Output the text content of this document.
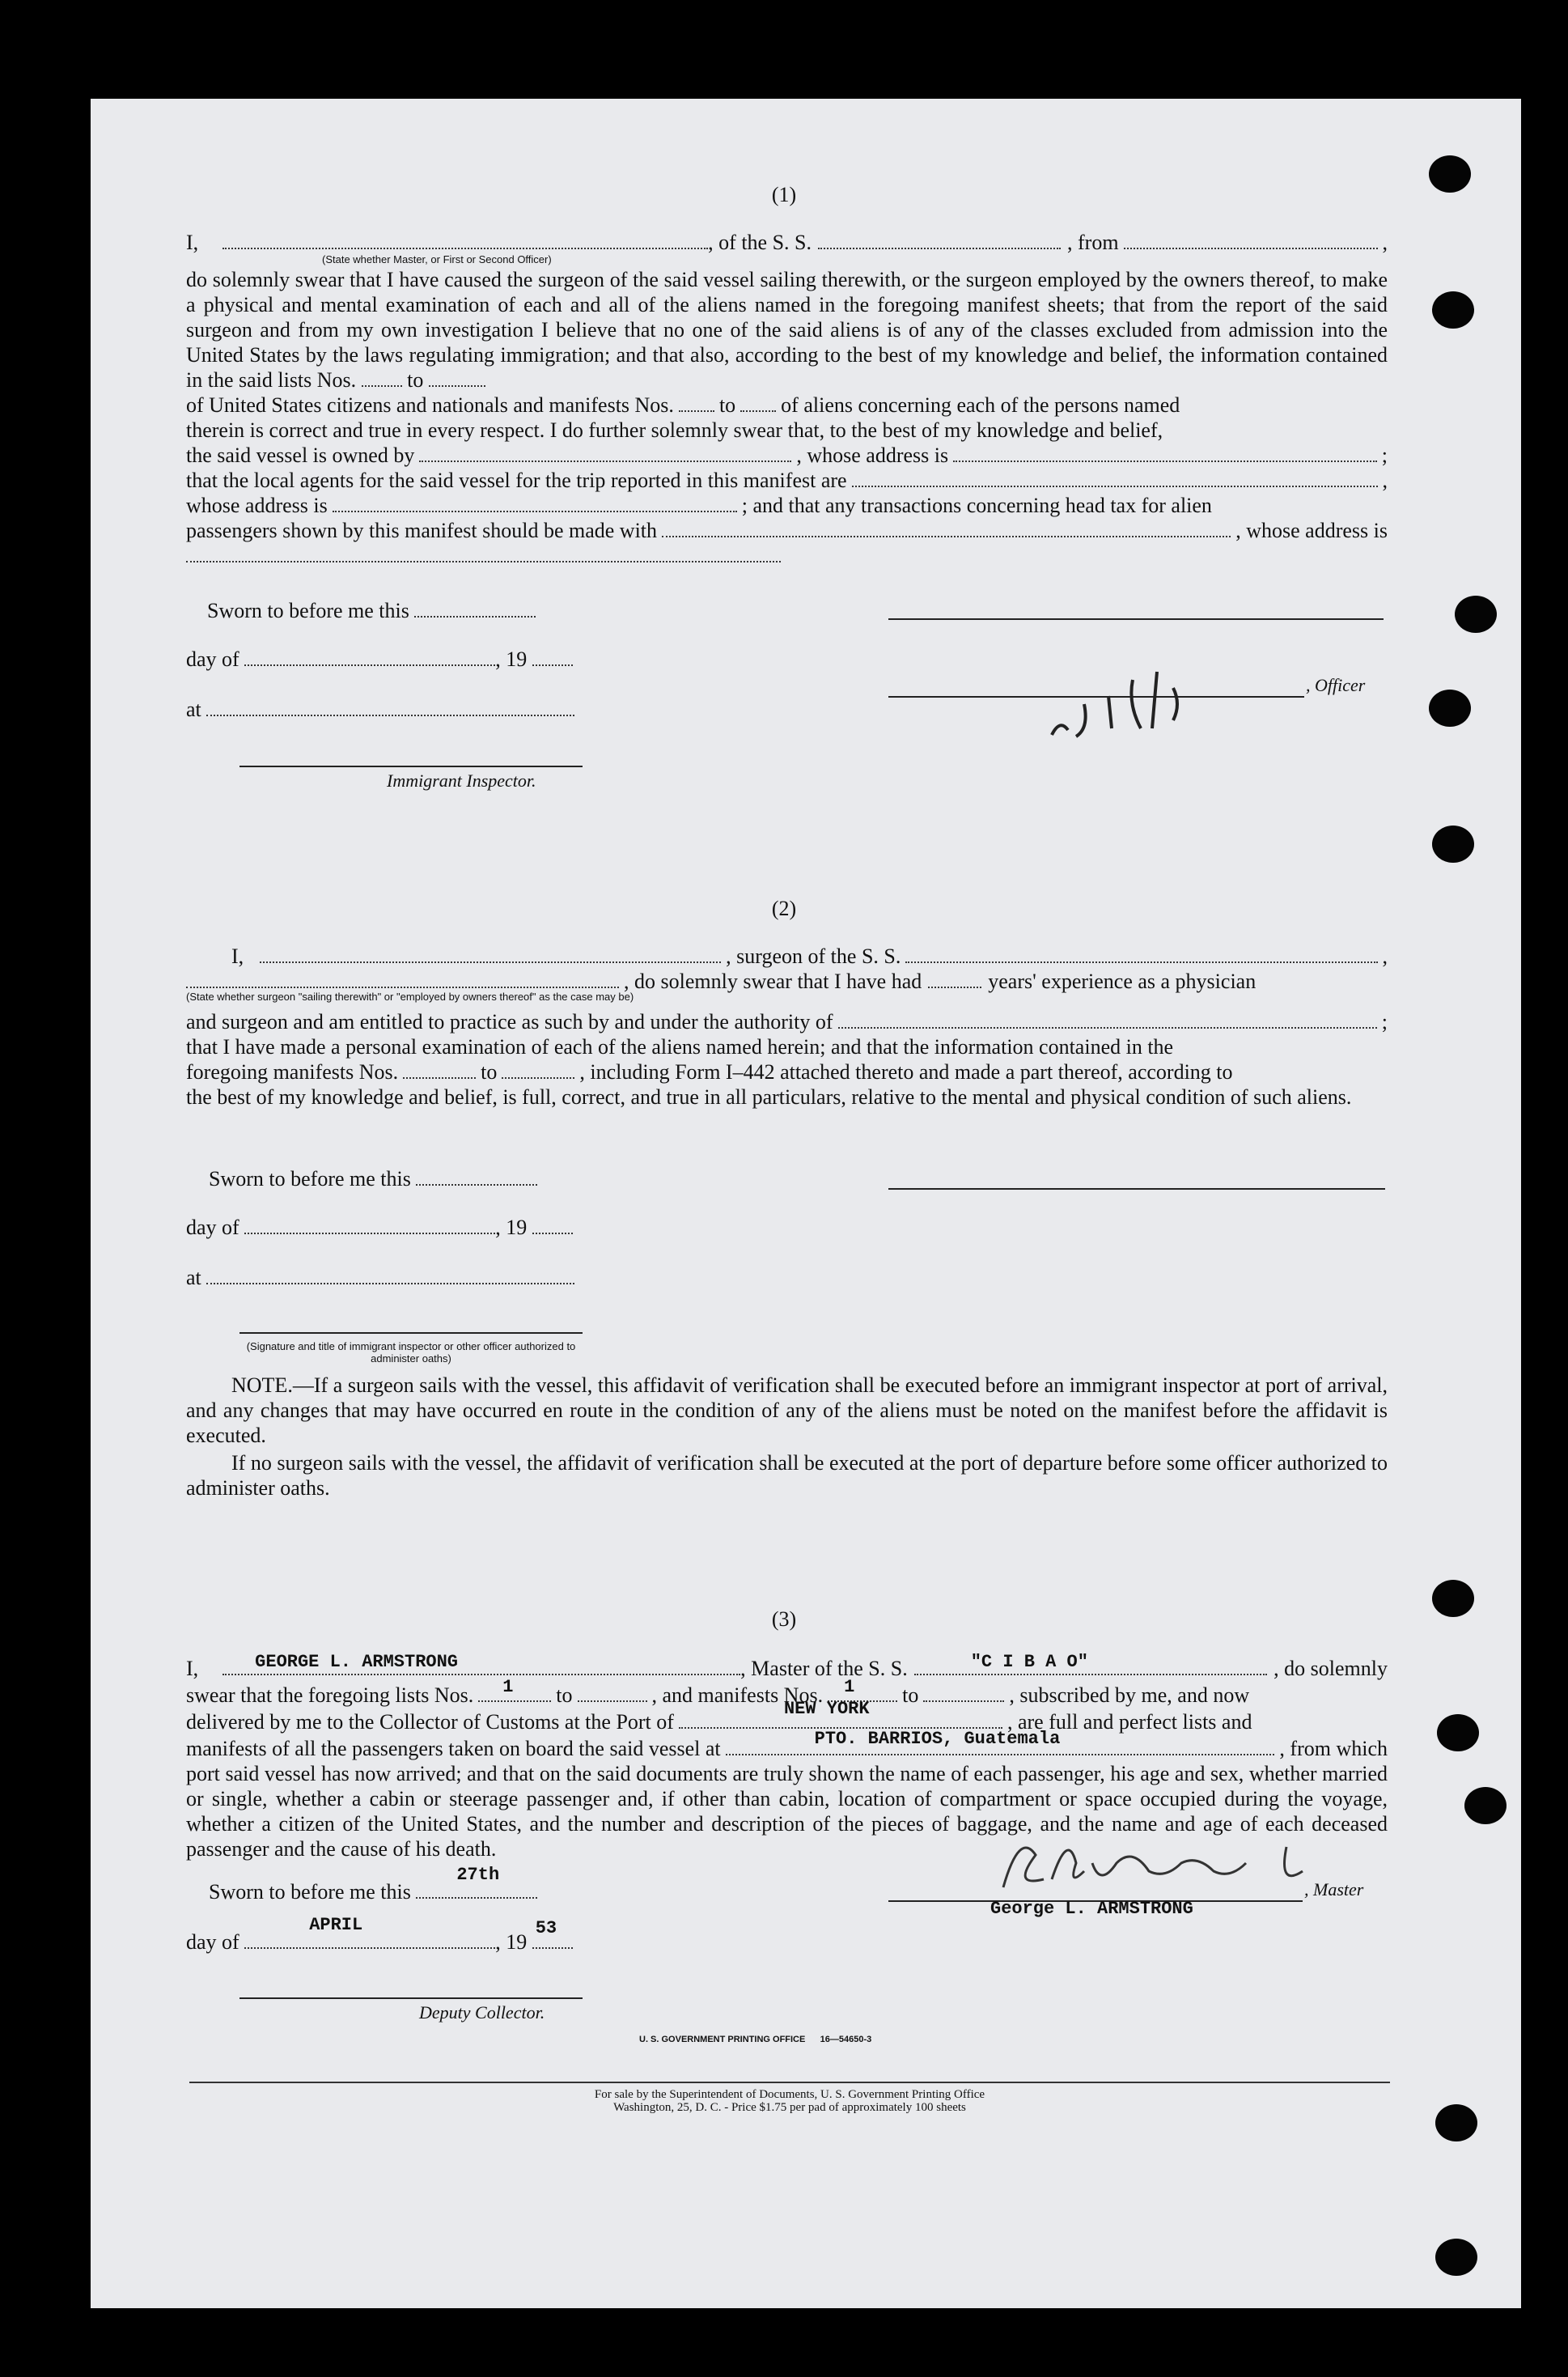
(1)
I,	, of the S. S.	, from	,
(State whether Master, or First or Second Officer)
do solemnly swear that I have caused the surgeon of the said vessel sailing therewith, or the surgeon employed by the owners thereof, to make a physical and mental examination of each and all of the aliens named in the foregoing manifest sheets; that from the report of the said surgeon and from my own investigation I believe that no one of the said aliens is of any of the classes excluded from admission into the United States by the laws regulating immigration; and that also, according to the best of my knowledge and belief, the information contained in the said lists Nos. to
of United States citizens and nationals and manifests Nos. to of aliens concerning each of the persons named
therein is correct and true in every respect. I do further solemnly swear that, to the best of my knowledge and belief,
the said vessel is owned by	, whose address is	;
that the local agents for the said vessel for the trip reported in this manifest are	,
whose address is	; and that any transactions concerning head tax for alien
passengers shown by this manifest should be made with	, whose address is
Sworn to before me this
day of	, 19
at
Immigrant Inspector.
, Officer
(2)
I,	, surgeon of the S. S.	,
, do solemnly swear that I have had	years' experience as a physician
(State whether surgeon "sailing therewith" or "employed by owners thereof" as the case may be)
and surgeon and am entitled to practice as such by and under the authority of	;
that I have made a personal examination of each of the aliens named herein; and that the information contained in the
foregoing manifests Nos.	to	, including Form I–442 attached thereto and made a part thereof, according to
the best of my knowledge and belief, is full, correct, and true in all particulars, relative to the mental and physical condition of such aliens.
Sworn to before me this
day of	, 19
at
(Signature and title of immigrant inspector or other officer authorized to administer oaths)
NOTE.—If a surgeon sails with the vessel, this affidavit of verification shall be executed before an immigrant inspector at port of arrival, and any changes that may have occurred en route in the condition of any of the aliens must be noted on the manifest before the affidavit is executed.
If no surgeon sails with the vessel, the affidavit of verification shall be executed at the port of departure before some officer authorized to administer oaths.
(3)
I,	GEORGE L. ARMSTRONG	, Master of the S. S.	"C I B A O"	, do solemnly
swear that the foregoing lists Nos. 1 to	, and manifests Nos. 1 to	, subscribed by me, and now
delivered by me to the Collector of Customs at the Port of
NEW YORK
, are full and perfect lists and
manifests of all the passengers taken on board the said vessel at	PTO. BARRIOS, Guatemala	, from which
port said vessel has now arrived; and that on the said documents are truly shown the name of each passenger, his age and sex, whether married or single, whether a cabin or steerage passenger and, if other than cabin, location of compartment or space occupied during the voyage, whether a citizen of the United States, and the number and description of the pieces of baggage, and the name and age of each deceased passenger and the cause of his death.
Sworn to before me this
27th
day of
APRIL
, 19
53
Deputy Collector.
, Master
George L. ARMSTRONG
U. S. GOVERNMENT PRINTING OFFICE      16—54650-3
For sale by the Superintendent of Documents, U. S. Government Printing Office
Washington, 25, D. C. - Price $1.75 per pad of approximately 100 sheets
